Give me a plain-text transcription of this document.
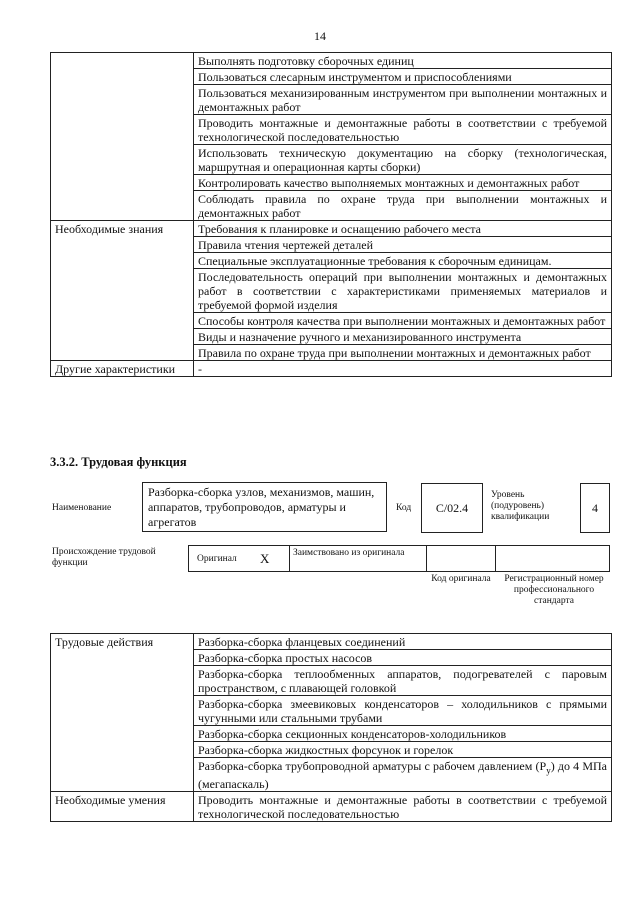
14
	Выполнять подготовку сборочных единиц
	Пользоваться слесарным инструментом и приспособлениями
	Пользоваться механизированным инструментом при выполнении монтажных и демонтажных работ
	Проводить монтажные и демонтажные работы в соответствии с требуемой технологической последовательностью
	Использовать техническую документацию на сборку (технологическая, маршрутная и операционная карты сборки)
	Контролировать качество выполняемых монтажных и демонтажных работ
	Соблюдать правила по охране труда при выполнении монтажных и демонтажных работ
Необходимые знания	Требования к планировке и оснащению рабочего места
	Правила чтения чертежей деталей
	Специальные эксплуатационные требования к сборочным единицам.
	Последовательность операций при выполнении монтажных и демонтажных работ в соответствии с характеристиками применяемых материалов и требуемой формой изделия
	Способы контроля качества при выполнении монтажных и демонтажных работ
	Виды и назначение ручного и механизированного инструмента
	Правила по охране труда при выполнении монтажных и демонтажных работ
Другие характеристики	-
3.3.2. Трудовая функция
Наименование
Разборка-сборка узлов, механизмов, машин, аппаратов, трубопроводов, арматуры и агрегатов
Код С/02.4
Уровень (подуровень) квалификации
4
Происхождение трудовой функции	Оригинал X Заимствовано из оригинала
Код оригинала	Регистрационный номер профессионального стандарта
Трудовые действия	Разборка-сборка фланцевых соединений
	Разборка-сборка простых насосов
	Разборка-сборка теплообменных аппаратов, подогревателей с паровым пространством, с плавающей головкой
	Разборка-сборка змеевиковых конденсаторов – холодильников с прямыми чугунными или стальными трубами
	Разборка-сборка секционных конденсаторов-холодильников
	Разборка-сборка жидкостных форсунок и горелок
	Разборка-сборка трубопроводной арматуры с рабочем давлением $(Р_у)$ до 4 МПа (мегапаскаль)
Необходимые умения	Проводить монтажные и демонтажные работы в соответствии с требуемой технологической последовательностью
